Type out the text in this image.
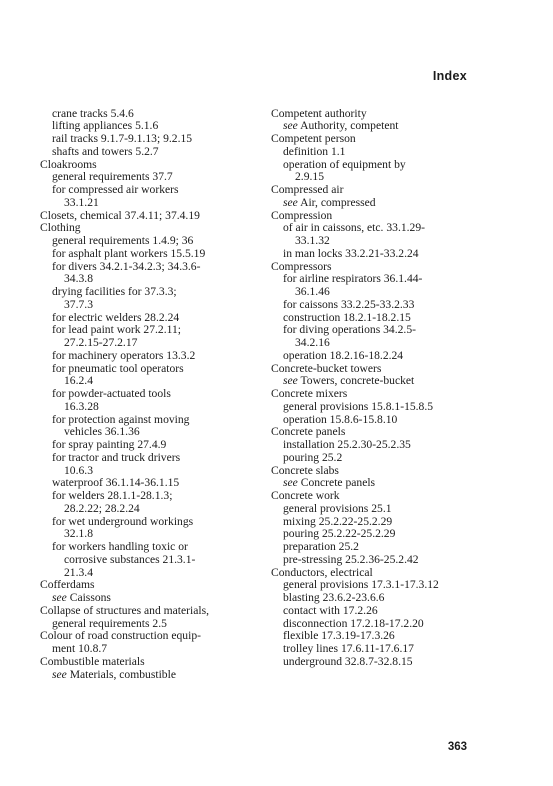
Index
crane tracks 5.4.6
lifting appliances 5.1.6
rail tracks 9.1.7-9.1.13; 9.2.15
shafts and towers 5.2.7
Cloakrooms
general requirements 37.7
for compressed air workers
33.1.21
Closets, chemical 37.4.11; 37.4.19
Clothing
general requirements 1.4.9; 36
for asphalt plant workers 15.5.19
for divers 34.2.1-34.2.3; 34.3.6-
34.3.8
drying facilities for 37.3.3;
37.7.3
for electric welders 28.2.24
for lead paint work 27.2.11;
27.2.15-27.2.17
for machinery operators 13.3.2
for pneumatic tool operators
16.2.4
for powder-actuated tools
16.3.28
for protection against moving
vehicles 36.1.36
for spray painting 27.4.9
for tractor and truck drivers
10.6.3
waterproof 36.1.14-36.1.15
for welders 28.1.1-28.1.3;
28.2.22; 28.2.24
for wet underground workings
32.1.8
for workers handling toxic or
corrosive substances 21.3.1-
21.3.4
Cofferdams
see Caissons
Collapse of structures and materials,
general requirements 2.5
Colour of road construction equip-
ment 10.8.7
Combustible materials
see Materials, combustible
Competent authority
see Authority, competent
Competent person
definition 1.1
operation of equipment by
2.9.15
Compressed air
see Air, compressed
Compression
of air in caissons, etc. 33.1.29-
33.1.32
in man locks 33.2.21-33.2.24
Compressors
for airline respirators 36.1.44-
36.1.46
for caissons 33.2.25-33.2.33
construction 18.2.1-18.2.15
for diving operations 34.2.5-
34.2.16
operation 18.2.16-18.2.24
Concrete-bucket towers
see Towers, concrete-bucket
Concrete mixers
general provisions 15.8.1-15.8.5
operation 15.8.6-15.8.10
Concrete panels
installation 25.2.30-25.2.35
pouring 25.2
Concrete slabs
see Concrete panels
Concrete work
general provisions 25.1
mixing 25.2.22-25.2.29
pouring 25.2.22-25.2.29
preparation 25.2
pre-stressing 25.2.36-25.2.42
Conductors, electrical
general provisions 17.3.1-17.3.12
blasting 23.6.2-23.6.6
contact with 17.2.26
disconnection 17.2.18-17.2.20
flexible 17.3.19-17.3.26
trolley lines 17.6.11-17.6.17
underground 32.8.7-32.8.15
363
